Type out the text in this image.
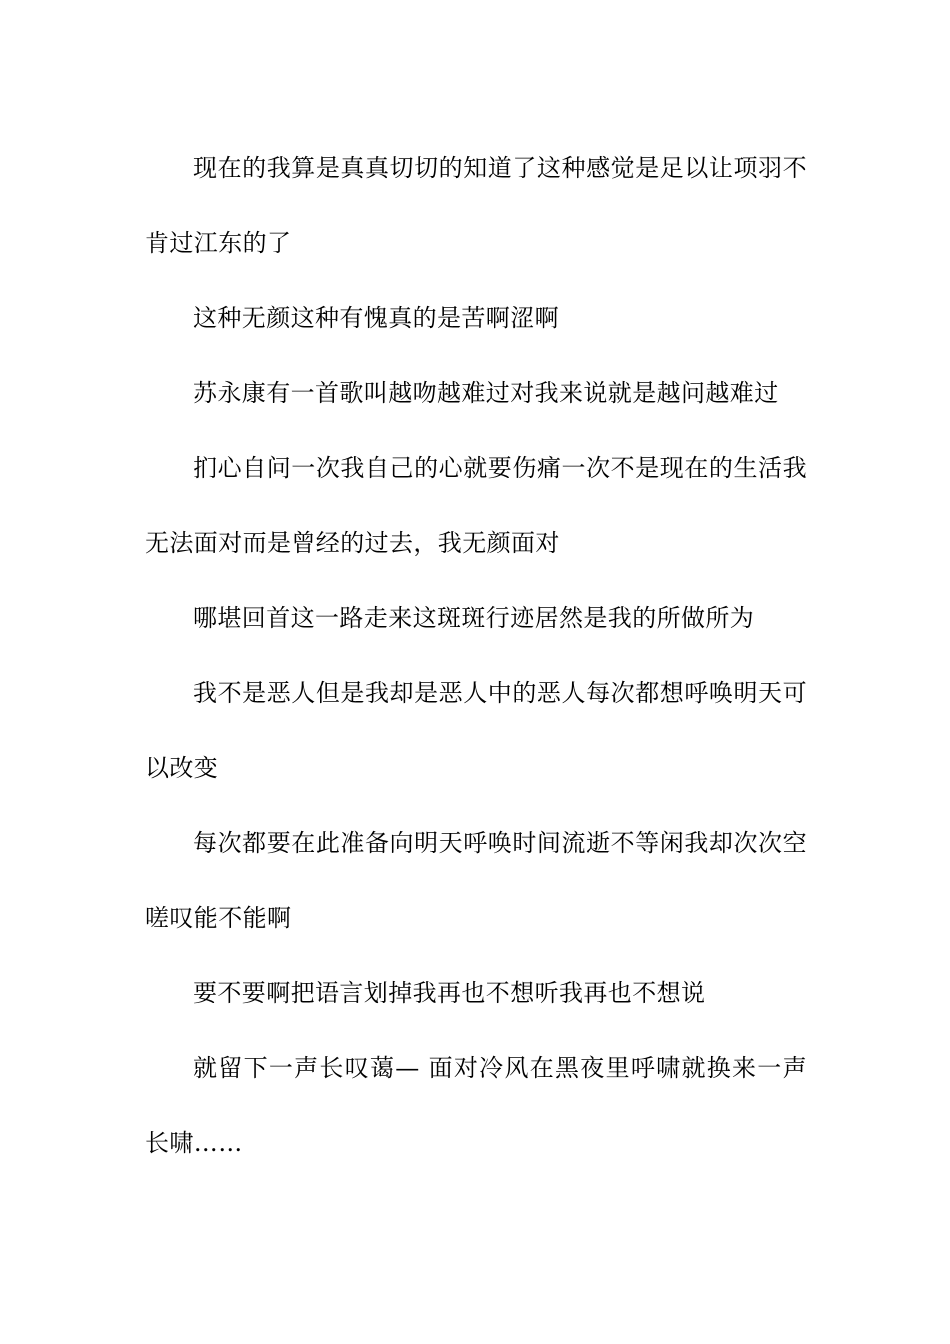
现在的我算是真真切切的知道了这种感觉是足以让项羽不肯过江东的了

这种无颜这种有愧真的是苦啊涩啊

苏永康有一首歌叫越吻越难过对我来说就是越问越难过

扪心自问一次我自己的心就要伤痛一次不是现在的生活我无法面对而是曾经的过去，我无颜面对

哪堪回首这一路走来这斑斑行迹居然是我的所做所为

我不是恶人但是我却是恶人中的恶人每次都想呼唤明天可以改变

每次都要在此准备向明天呼唤时间流逝不等闲我却次次空嗟叹能不能啊

要不要啊把语言划掉我再也不想听我再也不想说

就留下一声长叹蔼— 面对冷风在黑夜里呼啸就换来一声长啸……
